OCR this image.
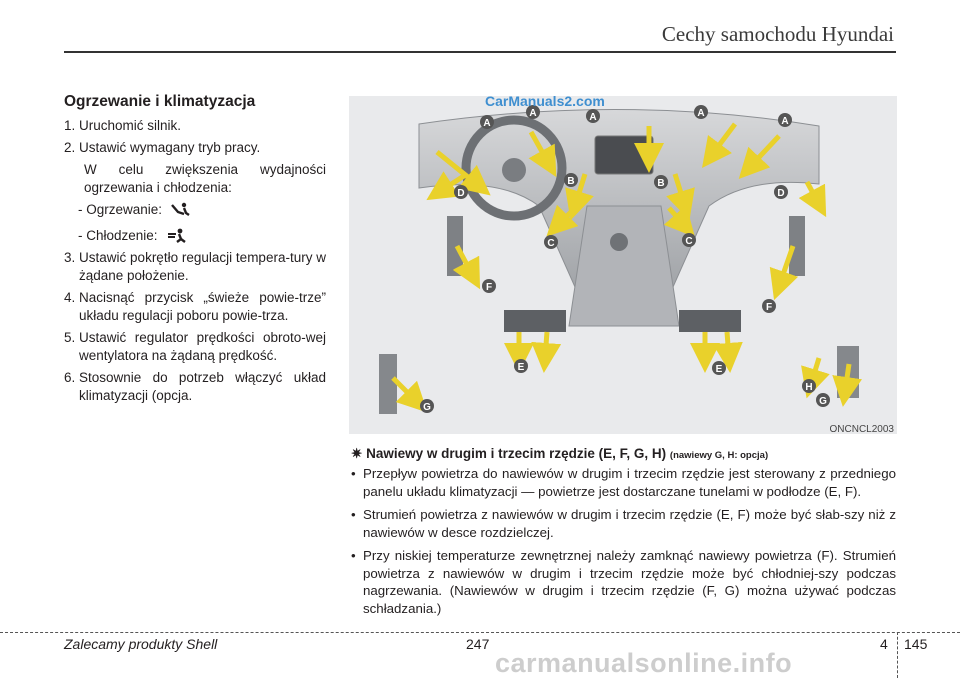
Cechy samochodu Hyundai
Ogrzewanie i klimatyzacja

1. Uruchomić silnik.

2. Ustawić wymagany tryb pracy.

W celu zwiększenia wydajności ogrzewania i chłodzenia:

- Ogrzewanie:
- Chłodzenie:

3. Ustawić pokrętło regulacji tempera-tury w żądane położenie.

4. Nacisnąć przycisk „świeże powie-trze” układu regulacji poboru powie-trza.

5. Ustawić regulator prędkości obroto-wej wentylatora na żądaną prędkość.

6. Stosownie do potrzeb włączyć układ klimatyzacji (opcja.

A
A	A	A
A
D
B	B
D
C	C
F
F
E	E
G
H
G
CarManuals2.com
ONCNCL2003
✷ Nawiewy w drugim i trzecim rzędzie (E, F, G, H) (nawiewy G, H: opcja)

• Przepływ powietrza do nawiewów w drugim i trzecim rzędzie jest sterowany z przedniego panelu układu klimatyzacji — powietrze jest dostarczane tunelami w podłodze (E, F).

• Strumień powietrza z nawiewów w drugim i trzecim rzędzie (E, F) może być słab-szy niż z nawiewów w desce rozdzielczej.

• Przy niskiej temperaturze zewnętrznej należy zamknąć nawiewy powietrza (F). Strumień powietrza z nawiewów w drugim i trzecim rzędzie może być chłodniej-szy podczas nagrzewania. (Nawiewów w drugim i trzecim rzędzie (F, G) można używać podczas schładzania.)

Zalecamy produkty Shell	247	4 145
carmanualsonline.info
